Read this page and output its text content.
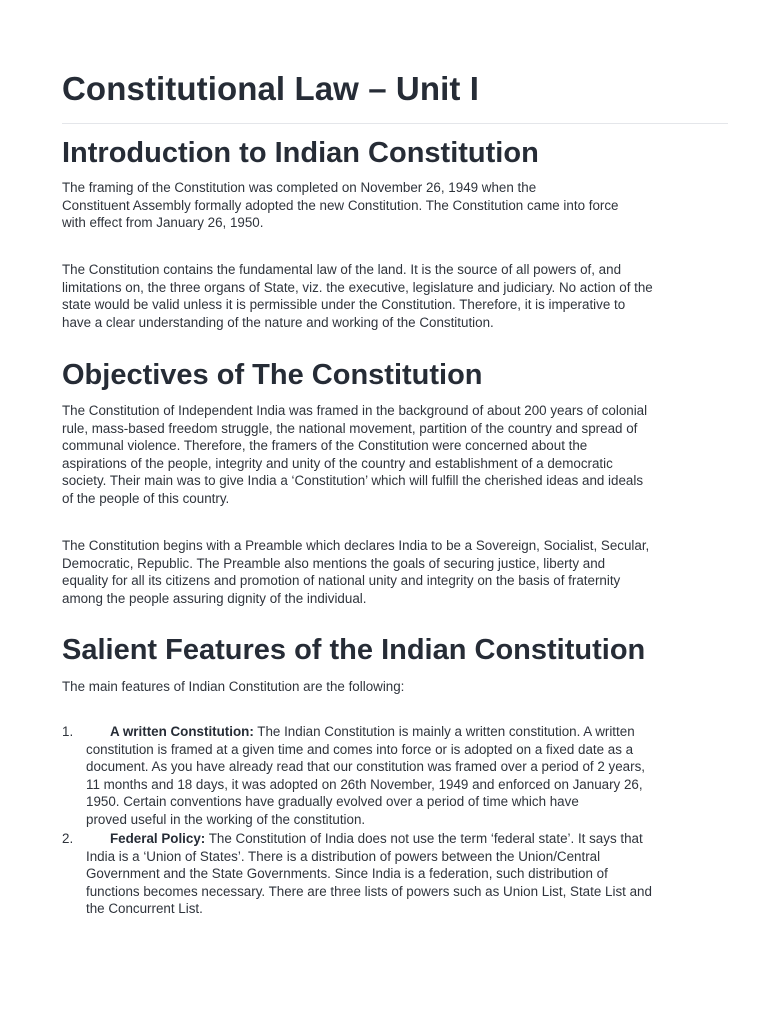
Constitutional Law – Unit I
Introduction to Indian Constitution

The framing of the Constitution was completed on November 26, 1949 when the
Constituent Assembly formally adopted the new Constitution. The Constitution came into force
with effect from January 26, 1950.

The Constitution contains the fundamental law of the land. It is the source of all powers of, and
limitations on, the three organs of State, viz. the executive, legislature and judiciary. No action of the
state would be valid unless it is permissible under the Constitution. Therefore, it is imperative to
have a clear understanding of the nature and working of the Constitution.

Objectives of The Constitution

The Constitution of Independent India was framed in the background of about 200 years of colonial
rule, mass-based freedom struggle, the national movement, partition of the country and spread of
communal violence. Therefore, the framers of the Constitution were concerned about the
aspirations of the people, integrity and unity of the country and establishment of a democratic
society. Their main was to give India a ‘Constitution’ which will fulfill the cherished ideas and ideals
of the people of this country.

The Constitution begins with a Preamble which declares India to be a Sovereign, Socialist, Secular,
Democratic, Republic. The Preamble also mentions the goals of securing justice, liberty and
equality for all its citizens and promotion of national unity and integrity on the basis of fraternity
among the people assuring dignity of the individual.

Salient Features of the Indian Constitution

The main features of Indian Constitution are the following:

1.	A written Constitution: The Indian Constitution is mainly a written constitution. A written
constitution is framed at a given time and comes into force or is adopted on a fixed date as a
document. As you have already read that our constitution was framed over a period of 2 years,
11 months and 18 days, it was adopted on 26th November, 1949 and enforced on January 26,
1950. Certain conventions have gradually evolved over a period of time which have
proved useful in the working of the constitution.
2.	Federal Policy: The Constitution of India does not use the term ‘federal state’. It says that
India is a ‘Union of States’. There is a distribution of powers between the Union/Central
Government and the State Governments. Since India is a federation, such distribution of
functions becomes necessary. There are three lists of powers such as Union List, State List and
the Concurrent List.
